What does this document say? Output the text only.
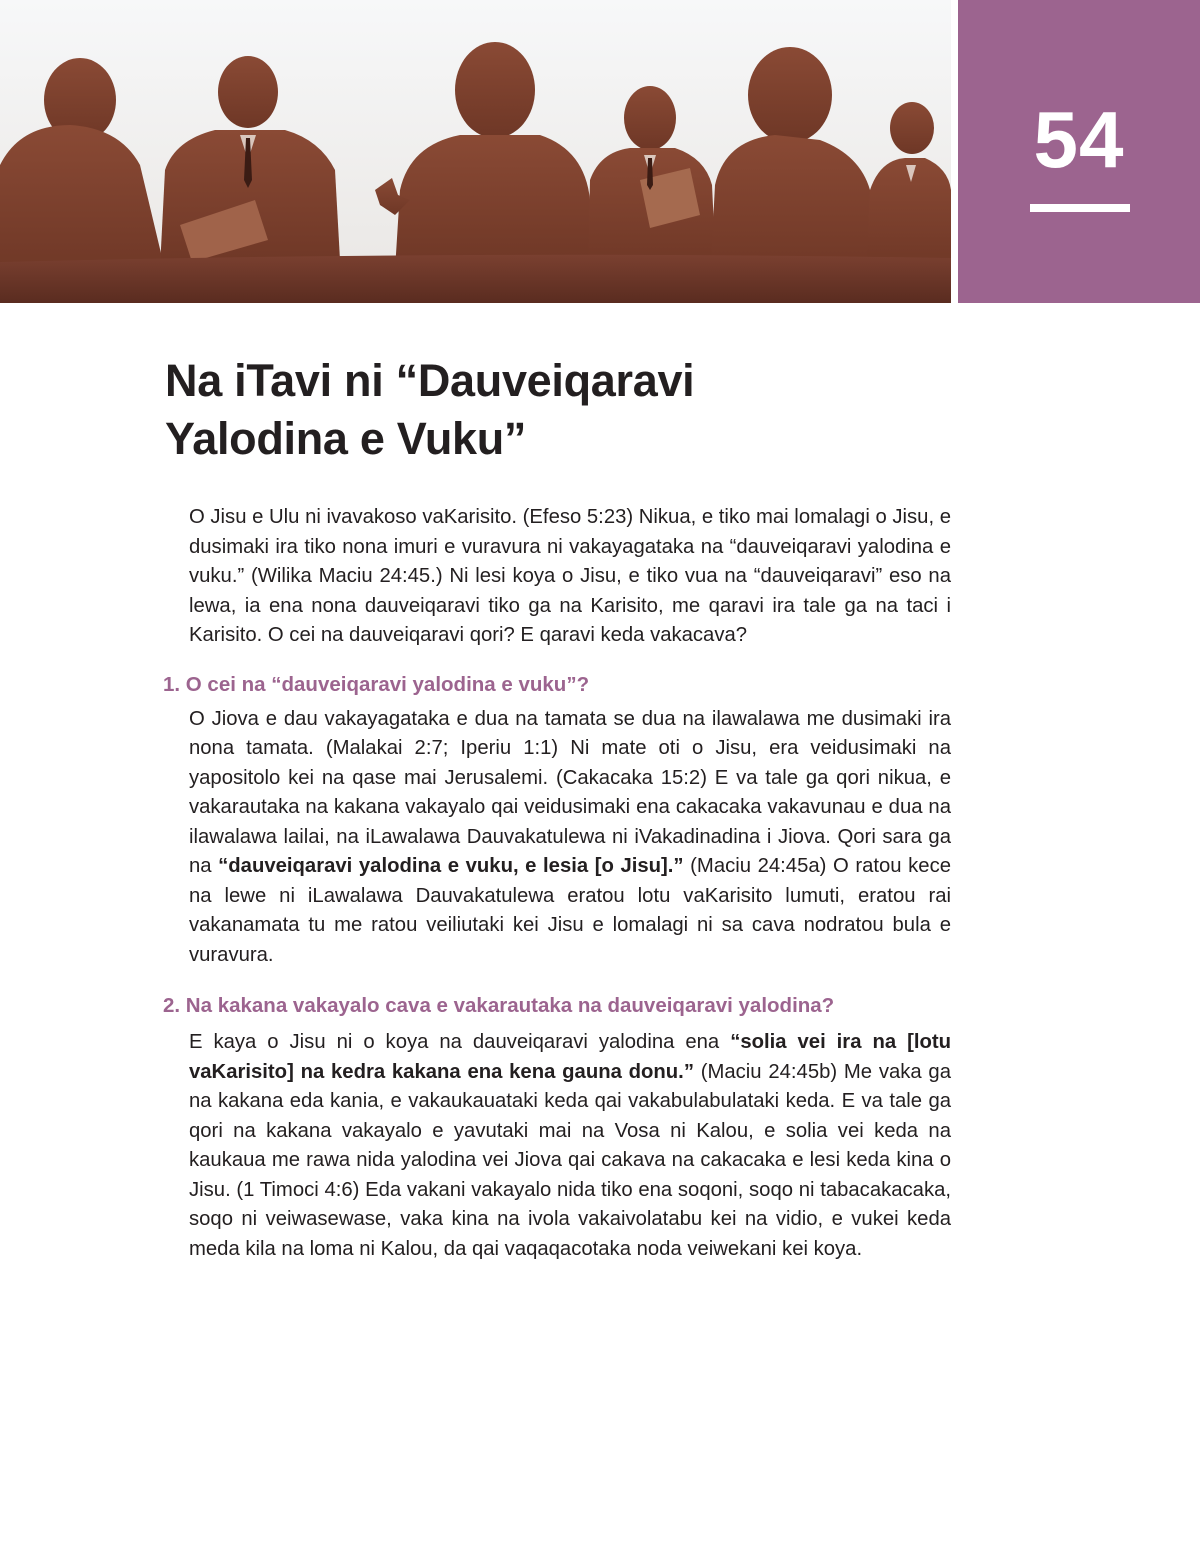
54
Na iTavi ni “Dauveiqaravi
Yalodina e Vuku”

O Jisu e Ulu ni ivavakoso vaKarisito. (Efeso 5:23) Nikua, e tiko mai lomalagi o Jisu, e dusimaki ira tiko nona imuri e vuravura ni vakayagataka na “dauveiqaravi yalodina e vuku.” (Wilika Maciu 24:45.) Ni lesi koya o Jisu, e tiko vua na “dauveiqaravi” eso na lewa, ia ena nona dauveiqaravi tiko ga na Karisito, me qaravi ira tale ga na taci i Karisito. O cei na dauveiqaravi qori? E qaravi keda vakacava?

1. O cei na “dauveiqaravi yalodina e vuku”?

O Jiova e dau vakayagataka e dua na tamata se dua na ilawalawa me dusimaki ira nona tamata. (Malakai 2:7; Iperiu 1:1) Ni mate oti o Jisu, era veidusimaki na yapositolo kei na qase mai Jerusalemi. (Cakacaka 15:2) E va tale ga qori nikua, e vakarautaka na kakana vakayalo qai veidusimaki ena cakacaka vakavunau e dua na ilawalawa lailai, na iLawalawa Dauvakatulewa ni iVakadinadina i Jiova. Qori sara ga na “dauveiqaravi yalodina e vuku, e lesia [o Jisu].” (Maciu 24:45a) O ratou kece na lewe ni iLawalawa Dauvakatulewa eratou lotu vaKarisito lumuti, eratou rai vakanamata tu me ratou veiliutaki kei Jisu e lomalagi ni sa cava nodratou bula e vuravura.

2. Na kakana vakayalo cava e vakarautaka na dauveiqaravi yalodina?

E kaya o Jisu ni o koya na dauveiqaravi yalodina ena “solia vei ira na [lotu vaKarisito] na kedra kakana ena kena gauna donu.” (Maciu 24:45b) Me vaka ga na kakana eda kania, e vakaukauataki keda qai vakabulabulataki keda. E va tale ga qori na kakana vakayalo e yavutaki mai na Vosa ni Kalou, e solia vei keda na kaukaua me rawa nida yalodina vei Jiova qai cakava na cakacaka e lesi keda kina o Jisu. (1 Timoci 4:6) Eda vakani vakayalo nida tiko ena soqoni, soqo ni tabacakacaka, soqo ni veiwasewase, vaka kina na ivola vakaivolatabu kei na vidio, e vukei keda meda kila na loma ni Kalou, da qai vaqaqacotaka noda veiwekani kei koya.
